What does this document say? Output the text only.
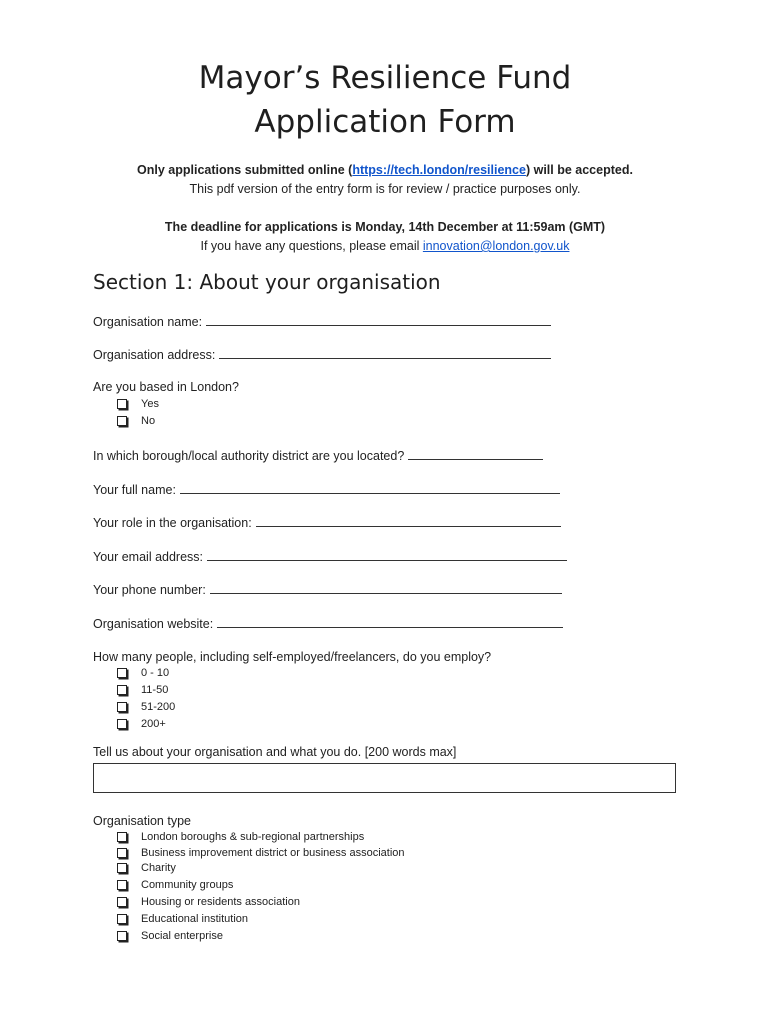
Mayor’s Resilience Fund
Application Form
Only applications submitted online (https://tech.london/resilience) will be accepted.
This pdf version of the entry form is for review / practice purposes only.
The deadline for applications is Monday, 14th December at 11:59am (GMT)
If you have any questions, please email innovation@london.gov.uk
Section 1: About your organisation
Organisation name:
Organisation address:
Are you based in London?
Yes
No
In which borough/local authority district are you located?
Your full name:
Your role in the organisation:
Your email address:
Your phone number:
Organisation website:
How many people, including self-employed/freelancers, do you employ?
0 - 10
11-50
51-200
200+
Tell us about your organisation and what you do. [200 words max]
Organisation type
London boroughs & sub-regional partnerships
Business improvement district or business association
Charity
Community groups
Housing or residents association
Educational institution
Social enterprise
